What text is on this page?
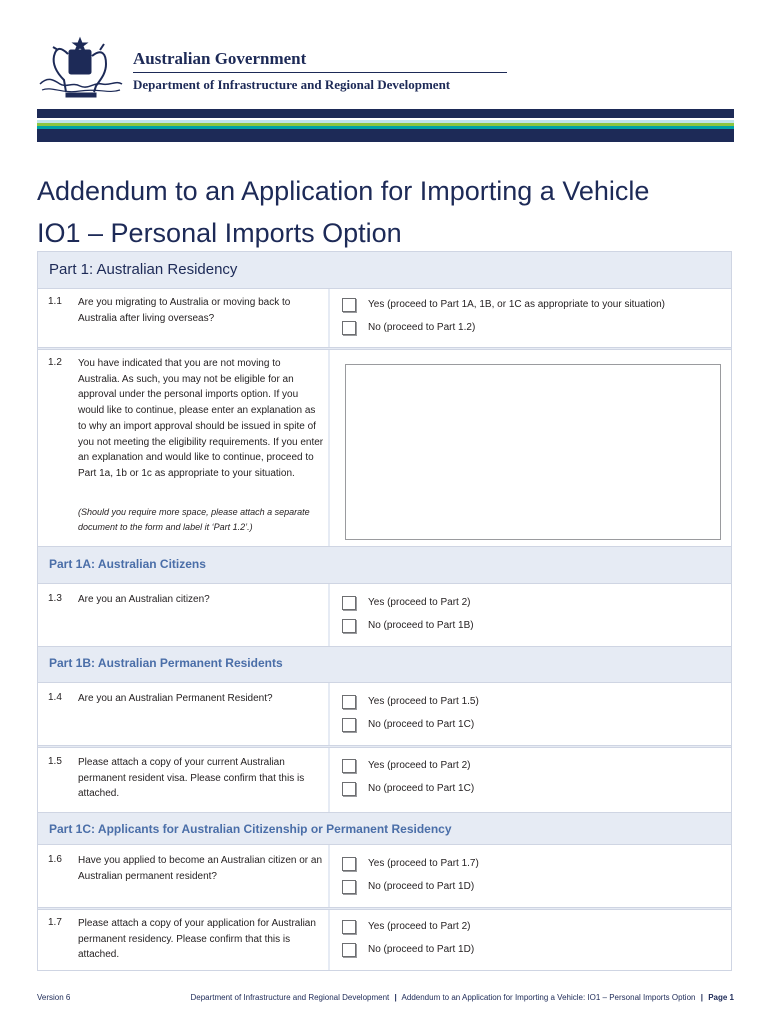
Australian Government
Department of Infrastructure and Regional Development
Addendum to an Application for Importing a Vehicle
IO1 – Personal Imports Option
Part 1: Australian Residency
1.1 Are you migrating to Australia or moving back to Australia after living overseas?
Yes (proceed to Part 1A, 1B, or 1C as appropriate to your situation)
No (proceed to Part 1.2)
1.2 You have indicated that you are not moving to Australia. As such, you may not be eligible for an approval under the personal imports option. If you would like to continue, please enter an explanation as to why an import approval should be issued in spite of you not meeting the eligibility requirements. If you enter an explanation and would like to continue, proceed to Part 1a, 1b or 1c as appropriate to your situation.
(Should you require more space, please attach a separate document to the form and label it ‘Part 1.2’.)
Part 1A: Australian Citizens
1.3 Are you an Australian citizen?	Yes (proceed to Part 2)
No (proceed to Part 1B)
Part 1B: Australian Permanent Residents
1.4 Are you an Australian Permanent Resident?	Yes (proceed to Part 1.5)
No (proceed to Part 1C)
1.5 Please attach a copy of your current Australian permanent resident visa. Please confirm that this is attached.
Yes (proceed to Part 2)
No (proceed to Part 1C)
Part 1C: Applicants for Australian Citizenship or Permanent Residency
1.6 Have you applied to become an Australian citizen or an Australian permanent resident?
Yes (proceed to Part 1.7)
No (proceed to Part 1D)
1.7 Please attach a copy of your application for Australian permanent residency. Please confirm that this is attached.
Yes (proceed to Part 2)
No (proceed to Part 1D)
Version 6	Department of Infrastructure and Regional Development | Addendum to an Application for Importing a Vehicle: IO1 – Personal Imports Option | Page 1
